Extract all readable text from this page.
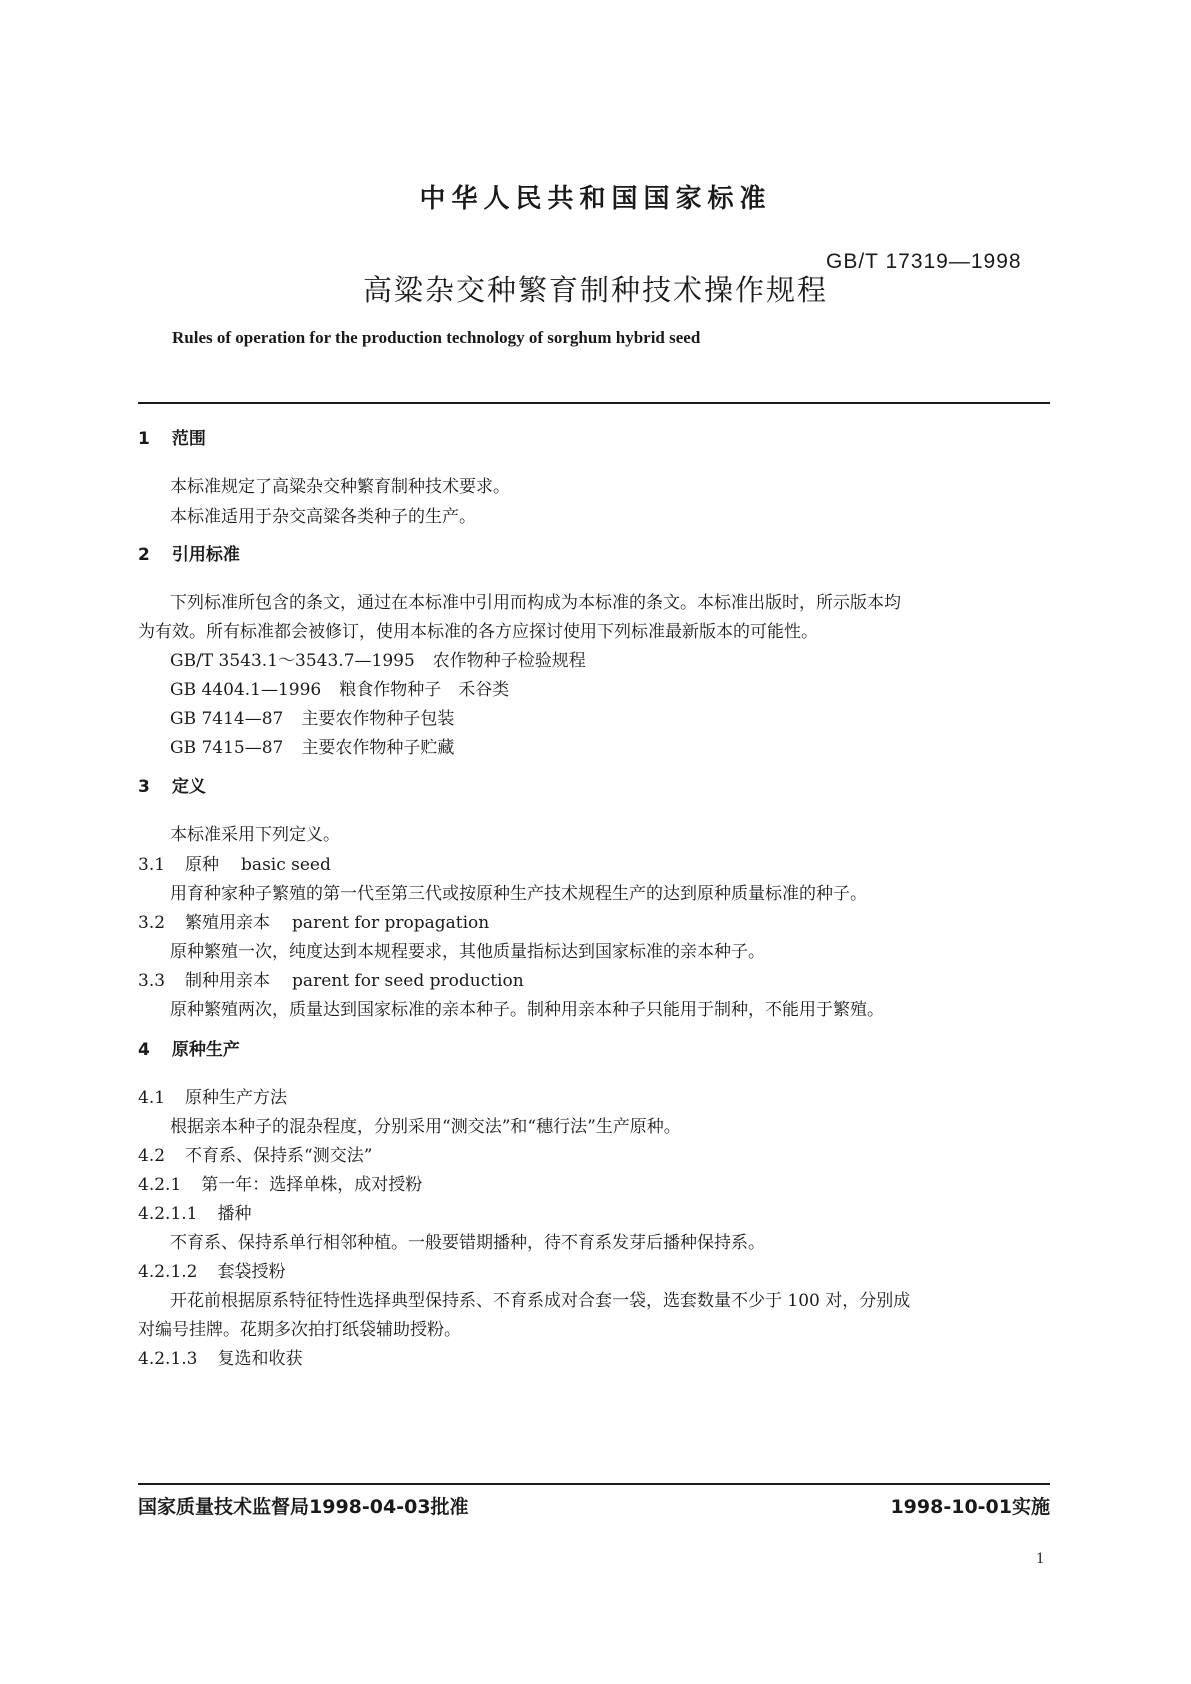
中华人民共和国国家标准
GB/T 17319—1998
高粱杂交种繁育制种技术操作规程
Rules of operation for the production technology of sorghum hybrid seed
1 范围
本标准规定了高粱杂交种繁育制种技术要求。
本标准适用于杂交高粱各类种子的生产。
2 引用标准
下列标准所包含的条文，通过在本标准中引用而构成为本标准的条文。本标准出版时，所示版本均
为有效。所有标准都会被修订，使用本标准的各方应探讨使用下列标准最新版本的可能性。
GB/T 3543.1～3543.7—1995 农作物种子检验规程
GB 4404.1—1996 粮食作物种子　禾谷类
GB 7414—87 主要农作物种子包装
GB 7415—87 主要农作物种子贮藏
3 定义
本标准采用下列定义。
3.1 原种 basic seed
用育种家种子繁殖的第一代至第三代或按原种生产技术规程生产的达到原种质量标准的种子。
3.2 繁殖用亲本 parent for propagation
原种繁殖一次，纯度达到本规程要求，其他质量指标达到国家标准的亲本种子。
3.3 制种用亲本 parent for seed production
原种繁殖两次，质量达到国家标准的亲本种子。制种用亲本种子只能用于制种，不能用于繁殖。
4 原种生产
4.1 原种生产方法
根据亲本种子的混杂程度，分别采用“测交法”和“穗行法”生产原种。
4.2 不育系、保持系“测交法”
4.2.1 第一年：选择单株，成对授粉
4.2.1.1 播种
不育系、保持系单行相邻种植。一般要错期播种，待不育系发芽后播种保持系。
4.2.1.2 套袋授粉
开花前根据原系特征特性选择典型保持系、不育系成对合套一袋，选套数量不少于 100 对，分别成
对编号挂牌。花期多次拍打纸袋辅助授粉。
4.2.1.3 复选和收获
国家质量技术监督局1998-04-03批准	1998-10-01实施
1
